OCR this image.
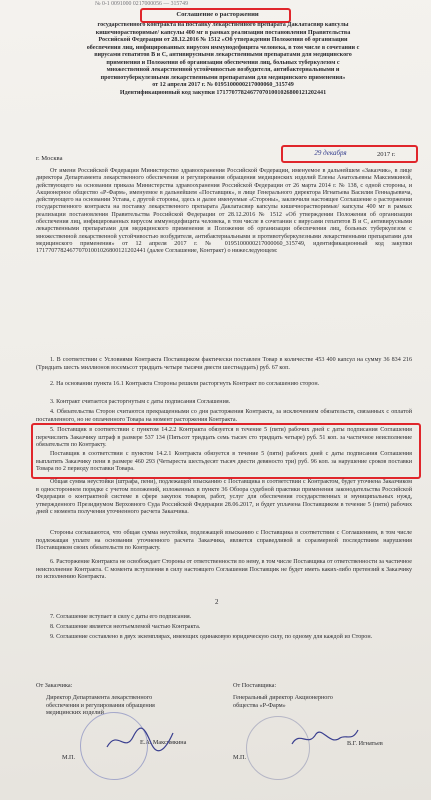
№ 0-1 0091000 0217000056 — 315749
Соглашение о расторжении
государственного контракта на поставку лекарственного препарата Даклатасвир капсулы
кишечнорастворимые/ капсулы 400 мг в рамках реализации постановления Правительства
Российской Федерации от 28.12.2016 № 1512 «Об утверждении Положения об организации
обеспечения лиц, инфицированных вирусом иммунодефицита человека, в том числе в сочетании с
вирусами гепатитов В и С, антивирусными лекарственными препаратами для медицинского
применения и Положения об организации обеспечения лиц, больных туберкулезом с
множественной лекарственной устойчивостью возбудителя, антибактериальными и
противотуберкулезными лекарственными препаратами для медицинского применения»
от 12 апреля 2017 г. № 0195100000217000060_315749
Идентификационный код закупки 171770778246770701001026800121202441
г. Москва
29 декабря	2017 г.
От имени Российской Федерации Министерство здравоохранения Российской Федерации, именуемое в дальнейшем «Заказчик», в лице директора Департамента лекарственного обеспечения и регулирования обращения медицинских изделий Елены Анатольевны Максимкиной, действующего на основании приказа Министерства здравоохранения Российской Федерации от 26 марта 2014 г. № 138, с одной стороны, и Акционерное общество «Р-Фарм», именуемое в дальнейшем «Поставщик», в лице Генерального директора Игнатьева Василия Геннадьевича, действующего на основании Устава, с другой стороны, здесь и далее именуемые «Стороны», заключили настоящее Соглашение о расторжении государственного контракта на поставку лекарственного препарата Даклатасвир капсулы кишечнорастворимые/ капсулы 400 мг в рамках реализации постановления Правительства Российской Федерации от 28.12.2016 № 1512 «Об утверждении Положения об организации обеспечения лиц, инфицированных вирусом иммунодефицита человека, в том числе в сочетании с вирусами гепатитов В и С, антивирусными лекарственными препаратами для медицинского применения и Положения об организации обеспечения лиц, больных туберкулезом с множественной лекарственной устойчивостью возбудителя, антибактериальными и противотуберкулезными лекарственными препаратами для медицинского применения» от 12 апреля 2017 г. № 0195100000217000060_315749, идентификационный код закупки 171770778246770701001026800121202441 (далее Соглашение, Контракт) о нижеследующем:
1. В соответствии с Условиями Контракта Поставщиком фактически поставлен Товар в количестве 453 400 капсул на сумму 36 834 216 (Тридцать шесть миллионов восемьсот тридцать четыре тысячи двести шестнадцать) руб. 67 коп.
2. На основании пункта 16.1 Контракта Стороны решили расторгнуть Контракт по соглашению сторон.
3. Контракт считается расторгнутым с даты подписания Соглашения.
4. Обязательства Сторон считаются прекращенными со дня расторжения Контракта, за исключением обязательств, связанных с оплатой поставленного, но не оплаченного Товара на момент расторжения Контракта.
5. Поставщик в соответствии с пунктом 14.2.2 Контракта обязуется в течение 5 (пяти) рабочих дней с даты подписания Соглашения перечислить Заказчику штраф в размере 537 134 (Пятьсот тридцать семь тысяч сто тридцать четыре) руб. 51 коп. за частичное неисполнение обязательств по Контракту.
Поставщик в соответствии с пунктом 14.2.1 Контракта обязуется в течение 5 (пяти) рабочих дней с даты подписания Соглашения выплатить Заказчику пени в размере 460 293 (Четыреста шестьдесят тысяч двести девяносто три) руб. 96 коп. за нарушение сроков поставки Товара по 2 периоду поставки Товара.
Общая сумма неустойки (штрафа, пени), подлежащей взысканию с Поставщика в соответствии с Контрактом, будет уточнена Заказчиком в одностороннем порядке с учетом положений, изложенных в пункте 36 Обзора судебной практики применения законодательства Российской Федерации о контрактной системе в сфере закупок товаров, работ, услуг для обеспечения государственных и муниципальных нужд, утвержденного Президиумом Верховного Суда Российской Федерации 28.06.2017, и будет уплачена Поставщиком в течение 5 (пяти) рабочих дней с момента получения уточненного расчета Заказчика.
Стороны соглашаются, что общая сумма неустойки, подлежащей взысканию с Поставщика в соответствии с Соглашением, в том числе подлежащая уплате на основании уточненного расчета Заказчика, является справедливой и соразмерной последствиям нарушения Поставщиком своих обязательств по Контракту.
6. Расторжение Контракта не освобождает Стороны от ответственности по нему, в том числе Поставщика от ответственности за частичное неисполнение Контракта. С момента вступления в силу настоящего Соглашения Поставщик не будет иметь каких-либо претензий к Заказчику по исполнению Контракта.
2
7. Соглашение вступает в силу с даты его подписания.
8. Соглашение является неотъемлемой частью Контракта.
9. Соглашение составлено в двух экземплярах, имеющих одинаковую юридическую силу, по одному для каждой из Сторон.
От Заказчика:
Директор Департамента лекарственного
обеспечения и регулирования обращения
медицинских изделий
Е.А. Максимкина
М.П.
От Поставщика:
Генеральный директор Акционерного
общества «Р-Фарм»
В.Г. Игнатьев
М.П.
